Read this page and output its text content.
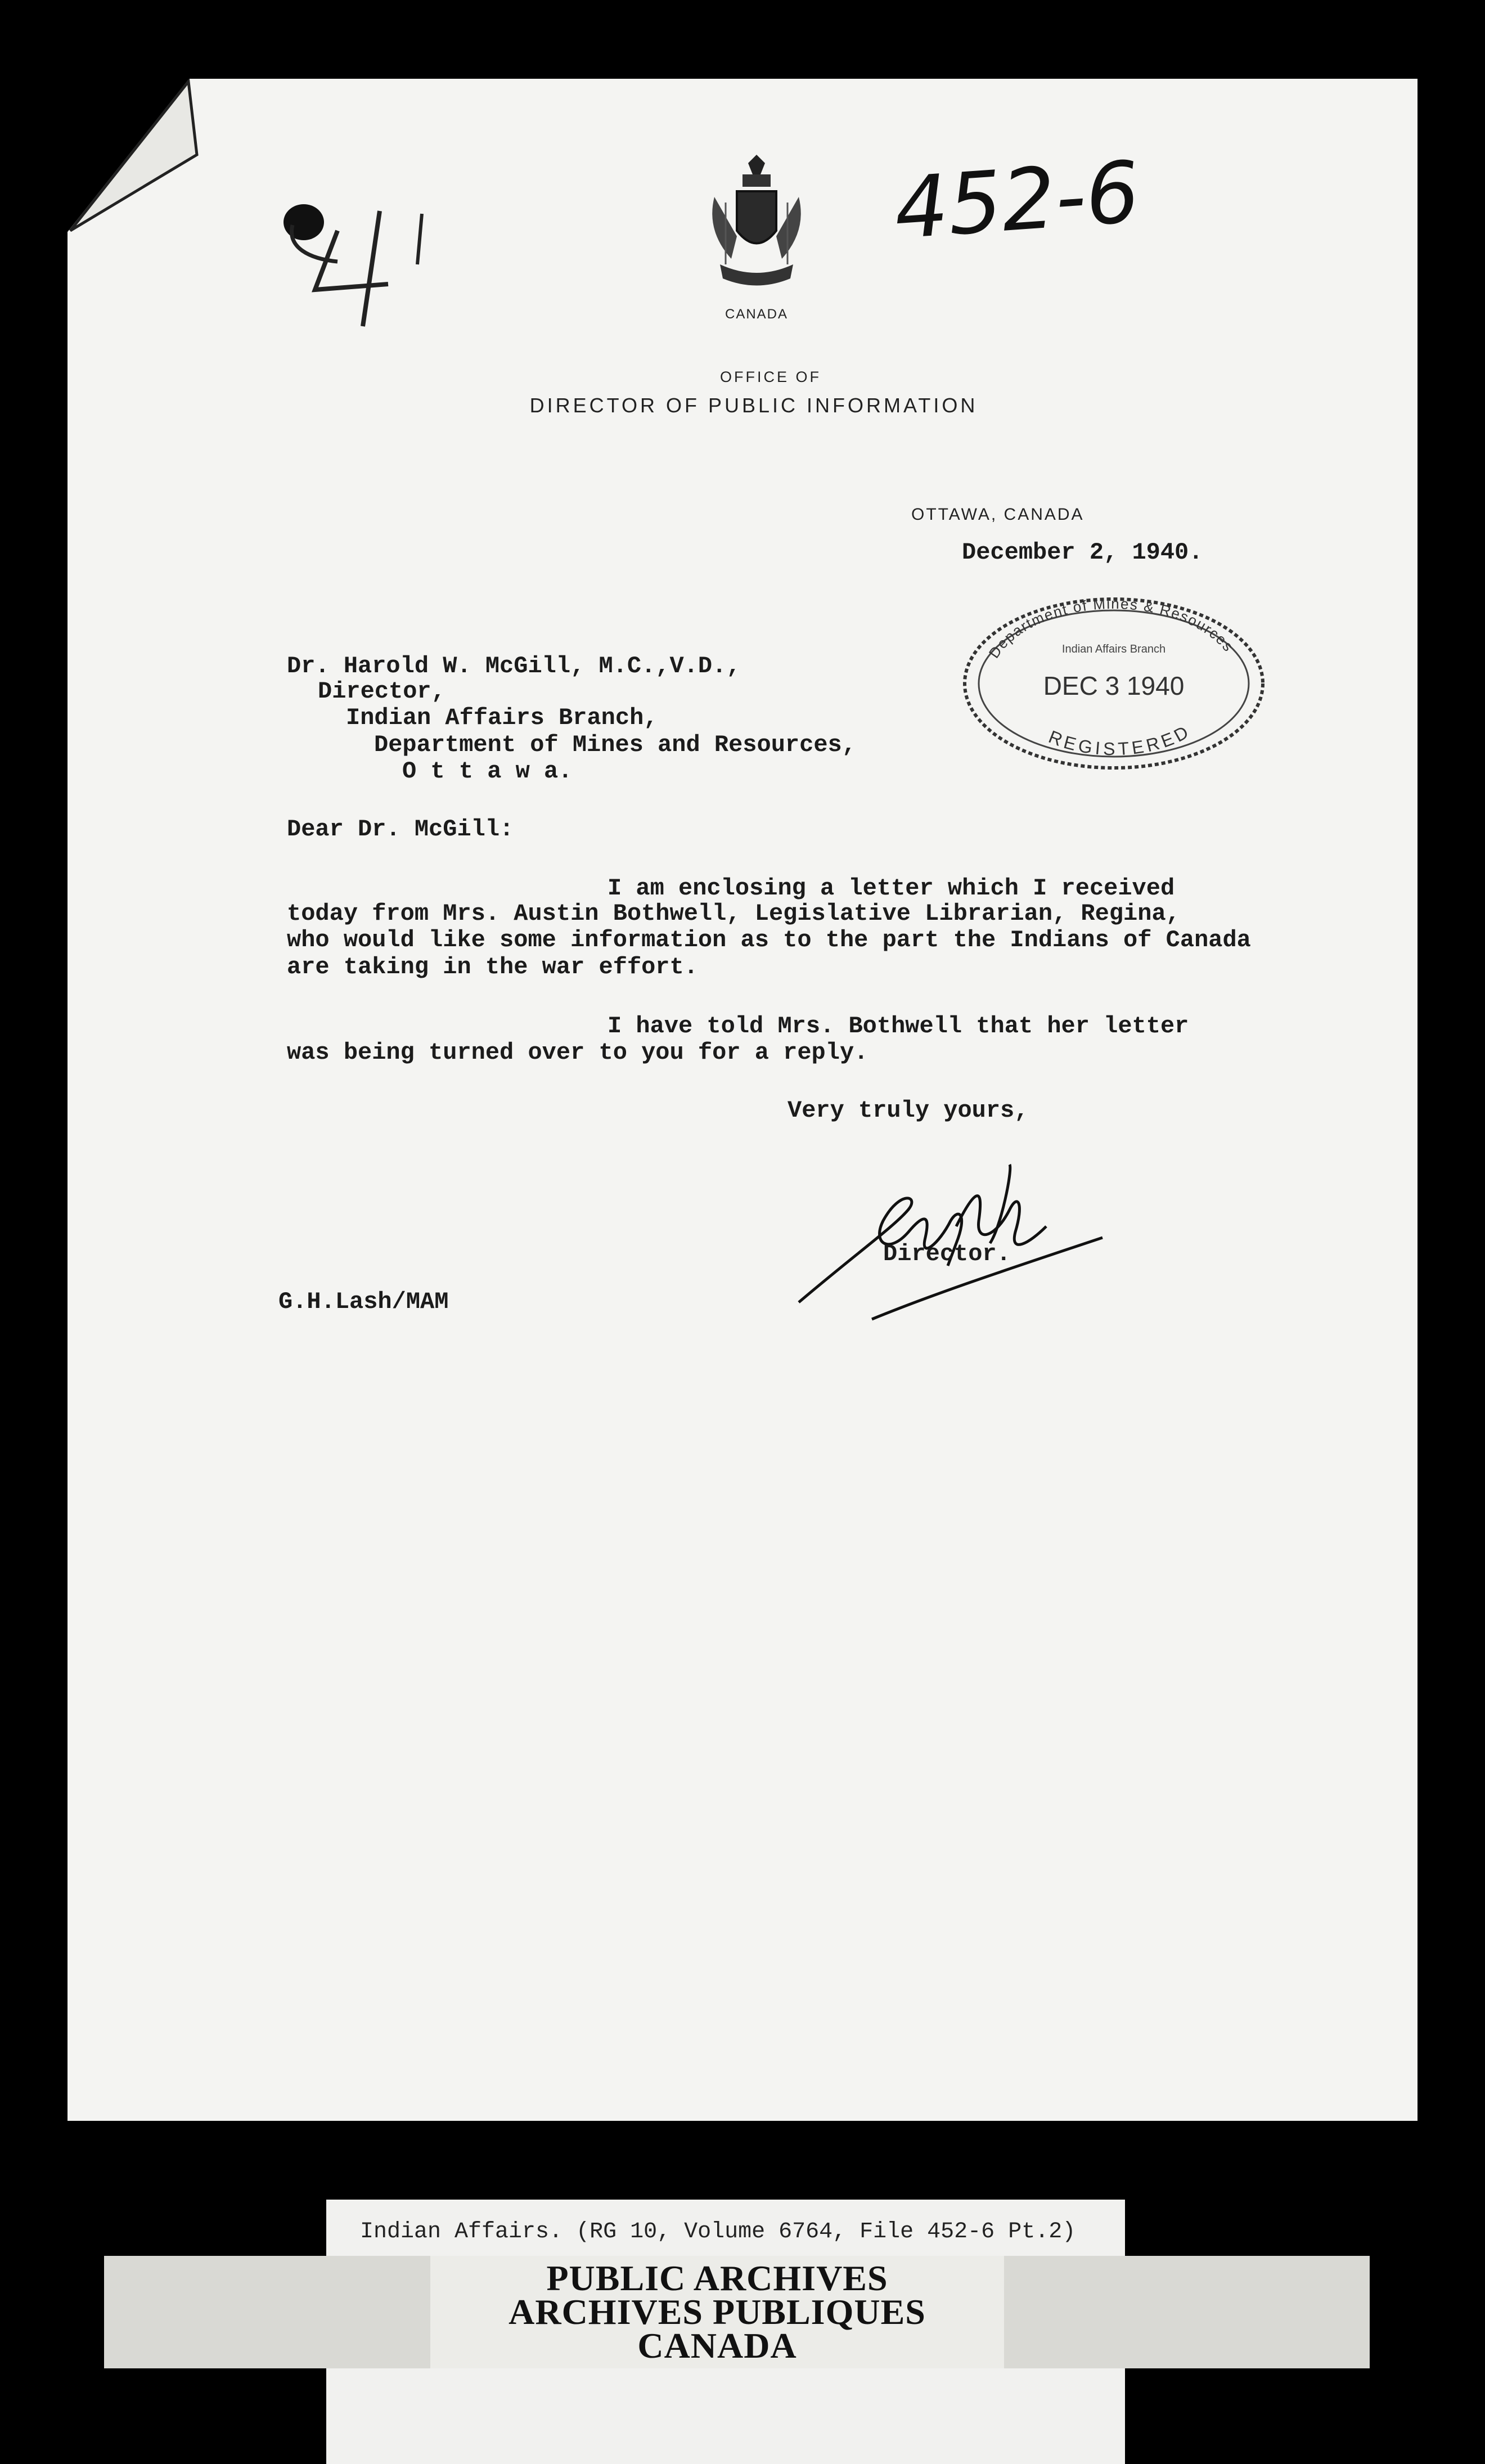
452-6
CANADA
OFFICE OF
DIRECTOR OF PUBLIC INFORMATION
OTTAWA, CANADA
December 2, 1940.
Department of Mines & Resources
Indian Affairs Branch
DEC 3 1940
REGISTERED
Dr. Harold W. McGill, M.C.,V.D.,
Director,
Indian Affairs Branch,
Department of Mines and Resources,
O t t a w a.
Dear Dr. McGill:
I am enclosing a letter which I received
today from Mrs. Austin Bothwell, Legislative Librarian, Regina,
who would like some information as to the part the Indians of Canada
are taking in the war effort.
I have told Mrs. Bothwell that her letter
was being turned over to you for a reply.
Very truly yours,
Director.
G.H.Lash/MAM
Indian Affairs. (RG 10, Volume 6764, File 452-6 Pt.2)
PUBLIC ARCHIVES
ARCHIVES PUBLIQUES
CANADA
